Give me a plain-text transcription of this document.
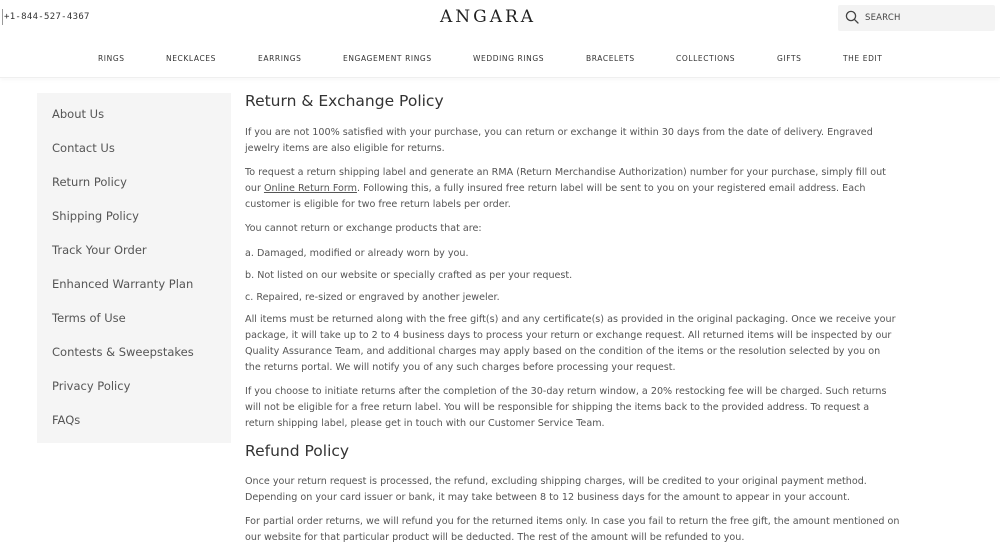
+1-844-527-4367	ANGARA
SEARCH
RINGS	NECKLACES	EARRINGS	ENGAGEMENT RINGS	WEDDING RINGS	BRACELETS	COLLECTIONS	GIFTS	THE EDIT
About Us
Contact Us
Return Policy
Shipping Policy
Track Your Order
Enhanced Warranty Plan
Terms of Use
Contests & Sweepstakes
Privacy Policy
FAQs
Return & Exchange Policy
If you are not 100% satisfied with your purchase, you can return or exchange it within 30 days from the date of delivery. Engraved
jewelry items are also eligible for returns.
To request a return shipping label and generate an RMA (Return Merchandise Authorization) number for your purchase, simply fill out
our Online Return Form. Following this, a fully insured free return label will be sent to you on your registered email address. Each
customer is eligible for two free return labels per order.
You cannot return or exchange products that are:
a. Damaged, modified or already worn by you.
b. Not listed on our website or specially crafted as per your request.
c. Repaired, re-sized or engraved by another jeweler.
All items must be returned along with the free gift(s) and any certificate(s) as provided in the original packaging. Once we receive your
package, it will take up to 2 to 4 business days to process your return or exchange request. All returned items will be inspected by our
Quality Assurance Team, and additional charges may apply based on the condition of the items or the resolution selected by you on
the returns portal. We will notify you of any such charges before processing your request.
If you choose to initiate returns after the completion of the 30-day return window, a 20% restocking fee will be charged. Such returns
will not be eligible for a free return label. You will be responsible for shipping the items back to the provided address. To request a
return shipping label, please get in touch with our Customer Service Team.
Refund Policy
Once your return request is processed, the refund, excluding shipping charges, will be credited to your original payment method.
Depending on your card issuer or bank, it may take between 8 to 12 business days for the amount to appear in your account.
For partial order returns, we will refund you for the returned items only. In case you fail to return the free gift, the amount mentioned on
our website for that particular product will be deducted. The rest of the amount will be refunded to you.
